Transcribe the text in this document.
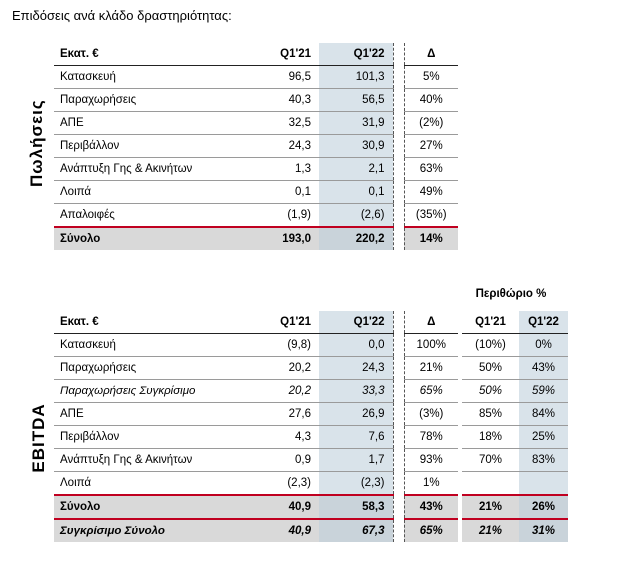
Επιδόσεις ανά κλάδο δραστηριότητας:
Πωλήσεις
Εκατ. €	Q1'21	Q1'22		Δ
Κατασκευή	96,5	101,3		5%
Παραχωρήσεις	40,3	56,5		40%
ΑΠΕ	32,5	31,9		(2%)
Περιβάλλον	24,3	30,9		27%
Ανάπτυξη Γης & Ακινήτων	1,3	2,1		63%
Λοιπά	0,1	0,1		49%
Απαλοιφές	(1,9)	(2,6)		(35%)
Σύνολο	193,0	220,2		14%
Περιθώριο %
EBITDA
Εκατ. €	Q1'21	Q1'22		Δ		Q1'21	Q1'22
Κατασκευή	(9,8)	0,0		100%		(10%)	0%
Παραχωρήσεις	20,2	24,3		21%		50%	43%
Παραχωρήσεις Συγκρίσιμο	20,2	33,3		65%		50%	59%
ΑΠΕ	27,6	26,9		(3%)		85%	84%
Περιβάλλον	4,3	7,6		78%		18%	25%
Ανάπτυξη Γης & Ακινήτων	0,9	1,7		93%		70%	83%
Λοιπά	(2,3)	(2,3)		1%			
Σύνολο	40,9	58,3		43%		21%	26%
Συγκρίσιμο Σύνολο	40,9	67,3		65%		21%	31%
